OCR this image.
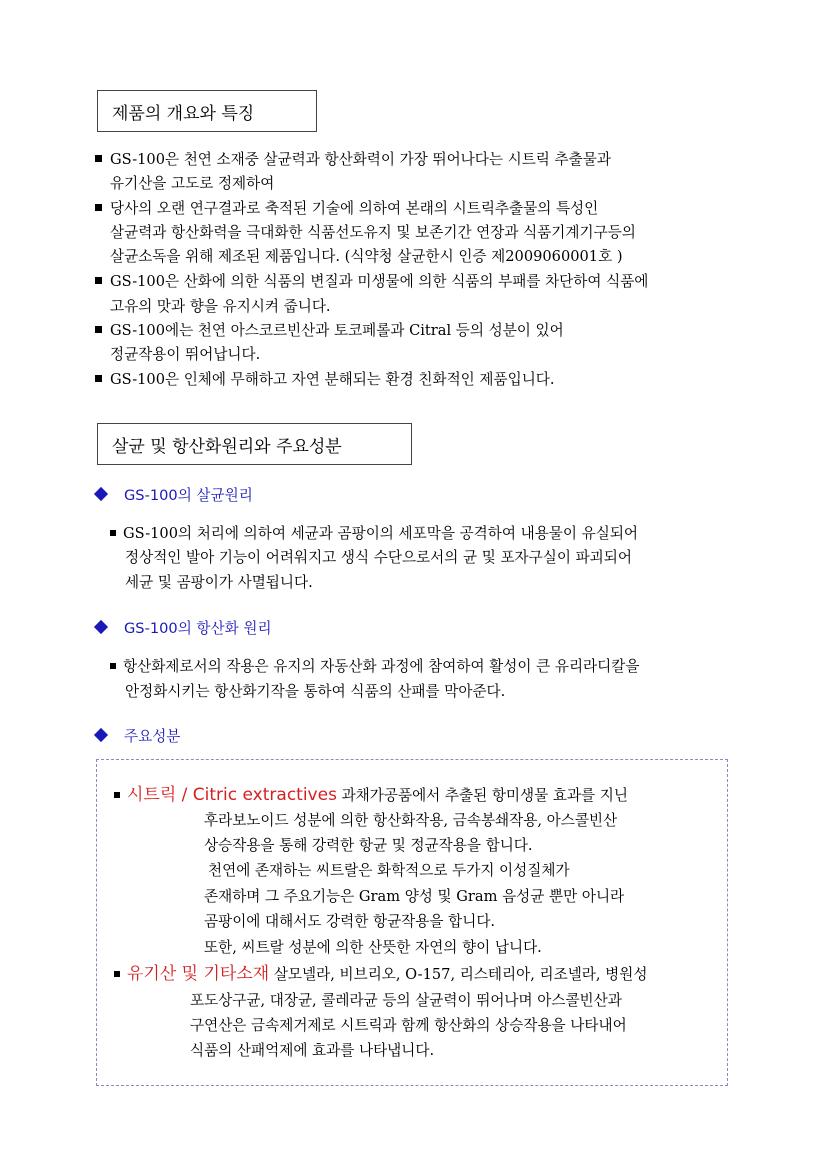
제품의 개요와 특징
GS-100은 천연 소재중 살균력과 항산화력이 가장 뛰어나다는 시트릭 추출물과
유기산을 고도로 정제하여
당사의 오랜 연구결과로 축적된 기술에 의하여 본래의 시트릭추출물의 특성인
살균력과 항산화력을 극대화한 식품선도유지 및 보존기간 연장과 식품기계기구등의
살균소독을 위해 제조된 제품입니다. (식약청 살균한시 인증 제2009060001호 )
GS-100은 산화에 의한 식품의 변질과 미생물에 의한 식품의 부패를 차단하여 식품에
고유의 맛과 향을 유지시켜 줍니다.
GS-100에는 천연 아스코르빈산과 토코페롤과 Citral 등의 성분이 있어
정균작용이 뛰어납니다.
GS-100은 인체에 무해하고 자연 분해되는 환경 친화적인 제품입니다.
살균 및 항산화원리와 주요성분
GS-100의 살균원리
GS-100의 처리에 의하여 세균과 곰팡이의 세포막을 공격하여 내용물이 유실되어
정상적인 발아 기능이 어려워지고 생식 수단으로서의 균 및 포자구실이 파괴되어
세균 및 곰팡이가 사멸됩니다.
GS-100의 항산화 원리
항산화제로서의 작용은 유지의 자동산화 과정에 참여하여 활성이 큰 유리라디칼을
안정화시키는 항산화기작을 통하여 식품의 산패를 막아준다.
주요성분
시트릭 / Citric extractives 과채가공품에서 추출된 항미생물 효과를 지닌
후라보노이드 성분에 의한 항산화작용, 금속봉쇄작용, 아스콜빈산
상승작용을 통해 강력한 항균 및 정균작용을 합니다.
천연에 존재하는 씨트랄은 화학적으로 두가지 이성질체가
존재하며 그 주요기능은 Gram 양성 및 Gram 음성균 뿐만 아니라
곰팡이에 대해서도 강력한 항균작용을 합니다.
또한, 씨트랄 성분에 의한 산뜻한 자연의 향이 납니다.
유기산 및 기타소재 살모넬라, 비브리오, O-157, 리스테리아, 리조넬라, 병원성
포도상구균, 대장균, 콜레라균 등의 살균력이 뛰어나며 아스콜빈산과
구연산은 금속제거제로 시트릭과 함께 항산화의 상승작용을 나타내어
식품의 산패억제에 효과를 나타냅니다.
